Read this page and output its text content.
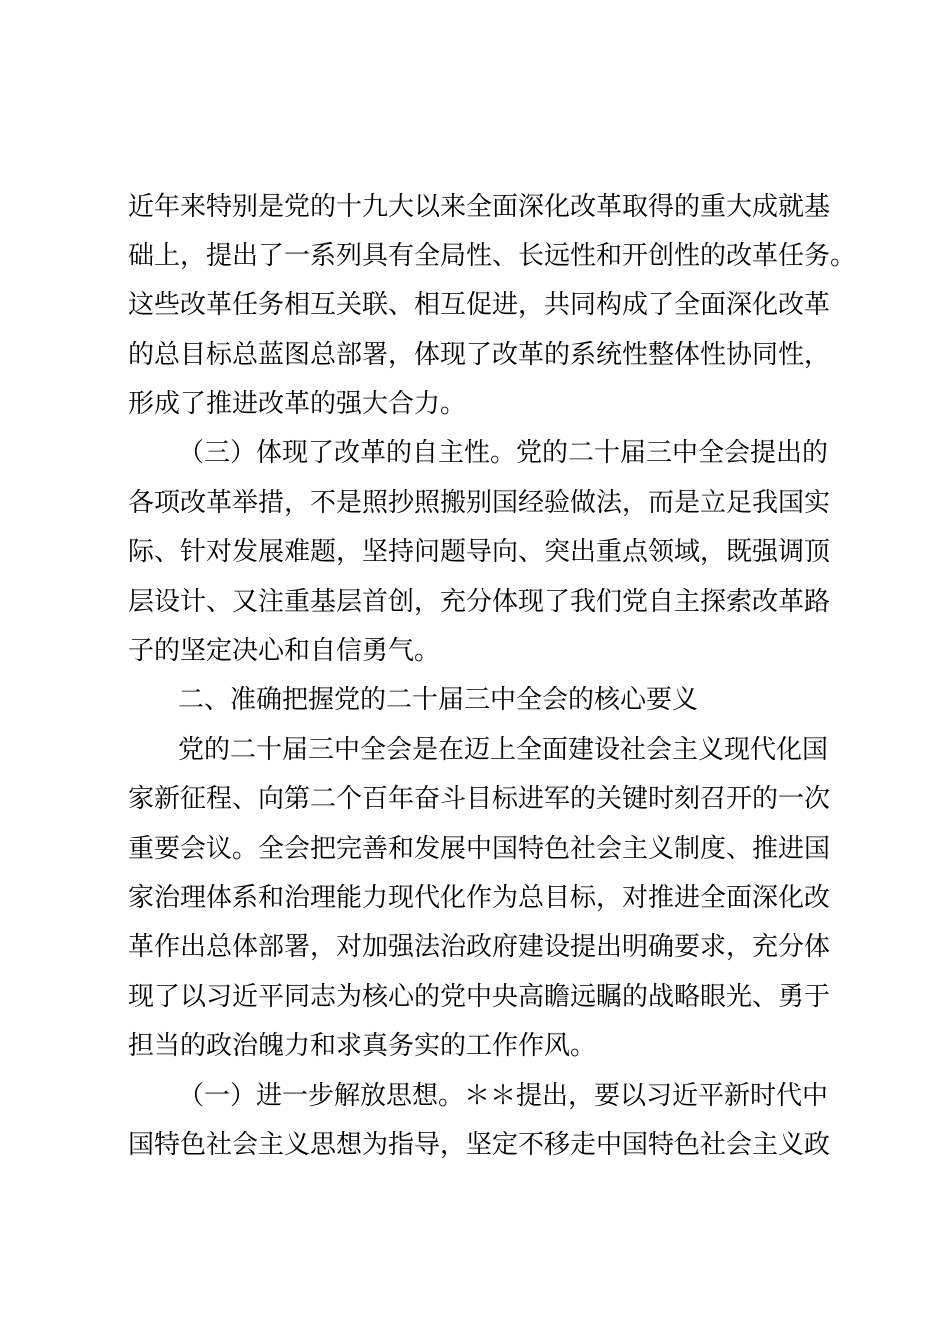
近年来特别是党的十九大以来全面深化改革取得的重大成就基
础上，提出了一系列具有全局性、长远性和开创性的改革任务。
这些改革任务相互关联、相互促进，共同构成了全面深化改革
的总目标总蓝图总部署，体现了改革的系统性整体性协同性，
形成了推进改革的强大合力。
（三）体现了改革的自主性。党的二十届三中全会提出的
各项改革举措，不是照抄照搬别国经验做法，而是立足我国实
际、针对发展难题，坚持问题导向、突出重点领域，既强调顶
层设计、又注重基层首创，充分体现了我们党自主探索改革路
子的坚定决心和自信勇气。
二、准确把握党的二十届三中全会的核心要义
党的二十届三中全会是在迈上全面建设社会主义现代化国
家新征程、向第二个百年奋斗目标进军的关键时刻召开的一次
重要会议。全会把完善和发展中国特色社会主义制度、推进国
家治理体系和治理能力现代化作为总目标，对推进全面深化改
革作出总体部署，对加强法治政府建设提出明确要求，充分体
现了以习近平同志为核心的党中央高瞻远瞩的战略眼光、勇于
担当的政治魄力和求真务实的工作作风。
（一）进一步解放思想。＊＊提出，要以习近平新时代中
国特色社会主义思想为指导，坚定不移走中国特色社会主义政
